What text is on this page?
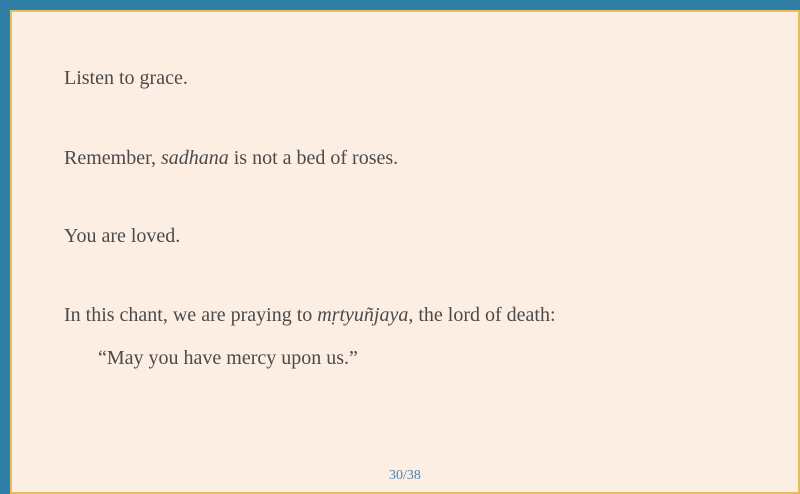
Listen to grace.
Remember, sadhana is not a bed of roses.
You are loved.
In this chant, we are praying to mṛtyuñjaya, the lord of death:
“May you have mercy upon us.”
30/38
